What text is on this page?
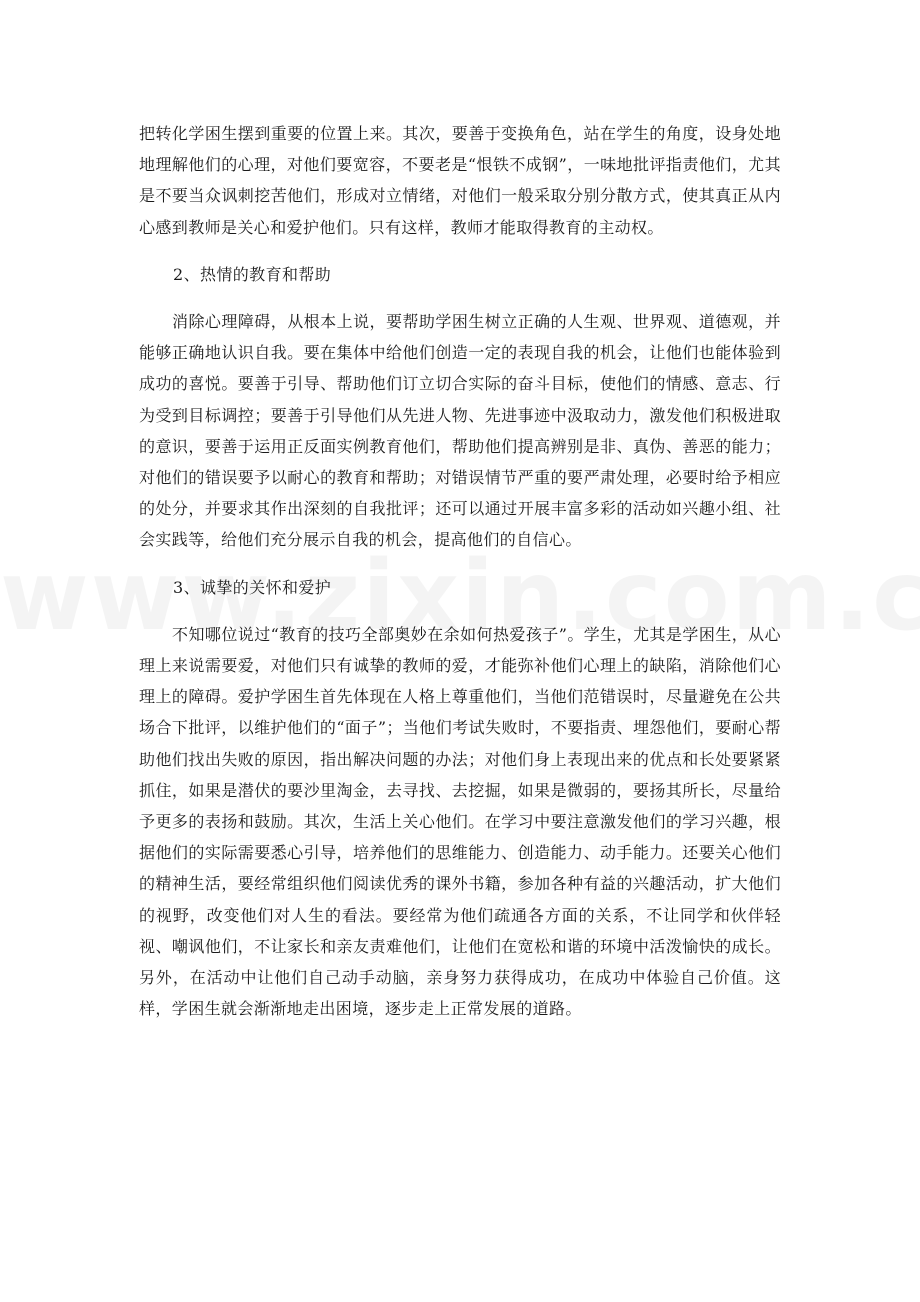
把转化学困生摆到重要的位置上来。其次，要善于变换角色，站在学生的角度，设身处地地理解他们的心理，对他们要宽容，不要老是“恨铁不成钢”，一味地批评指责他们，尤其是不要当众讽刺挖苦他们，形成对立情绪，对他们一般采取分别分散方式，使其真正从内心感到教师是关心和爱护他们。只有这样，教师才能取得教育的主动权。

2、热情的教育和帮助

消除心理障碍，从根本上说，要帮助学困生树立正确的人生观、世界观、道德观，并能够正确地认识自我。要在集体中给他们创造一定的表现自我的机会，让他们也能体验到成功的喜悦。要善于引导、帮助他们订立切合实际的奋斗目标，使他们的情感、意志、行为受到目标调控；要善于引导他们从先进人物、先进事迹中汲取动力，激发他们积极进取的意识，要善于运用正反面实例教育他们，帮助他们提高辨别是非、真伪、善恶的能力；对他们的错误要予以耐心的教育和帮助；对错误情节严重的要严肃处理，必要时给予相应的处分，并要求其作出深刻的自我批评；还可以通过开展丰富多彩的活动如兴趣小组、社会实践等，给他们充分展示自我的机会，提高他们的自信心。

3、诚挚的关怀和爱护

不知哪位说过“教育的技巧全部奥妙在余如何热爱孩子”。学生，尤其是学困生，从心理上来说需要爱，对他们只有诚挚的教师的爱，才能弥补他们心理上的缺陷，消除他们心理上的障碍。爱护学困生首先体现在人格上尊重他们，当他们范错误时，尽量避免在公共场合下批评，以维护他们的“面子”；当他们考试失败时，不要指责、埋怨他们，要耐心帮助他们找出失败的原因，指出解决问题的办法；对他们身上表现出来的优点和长处要紧紧抓住，如果是潜伏的要沙里淘金，去寻找、去挖掘，如果是微弱的，要扬其所长，尽量给予更多的表扬和鼓励。其次，生活上关心他们。在学习中要注意激发他们的学习兴趣，根据他们的实际需要悉心引导，培养他们的思维能力、创造能力、动手能力。还要关心他们的精神生活，要经常组织他们阅读优秀的课外书籍，参加各种有益的兴趣活动，扩大他们的视野，改变他们对人生的看法。要经常为他们疏通各方面的关系，不让同学和伙伴轻视、嘲讽他们，不让家长和亲友责难他们，让他们在宽松和谐的环境中活泼愉快的成长。另外，在活动中让他们自己动手动脑，亲身努力获得成功，在成功中体验自己价值。这样，学困生就会渐渐地走出困境，逐步走上正常发展的道路。
